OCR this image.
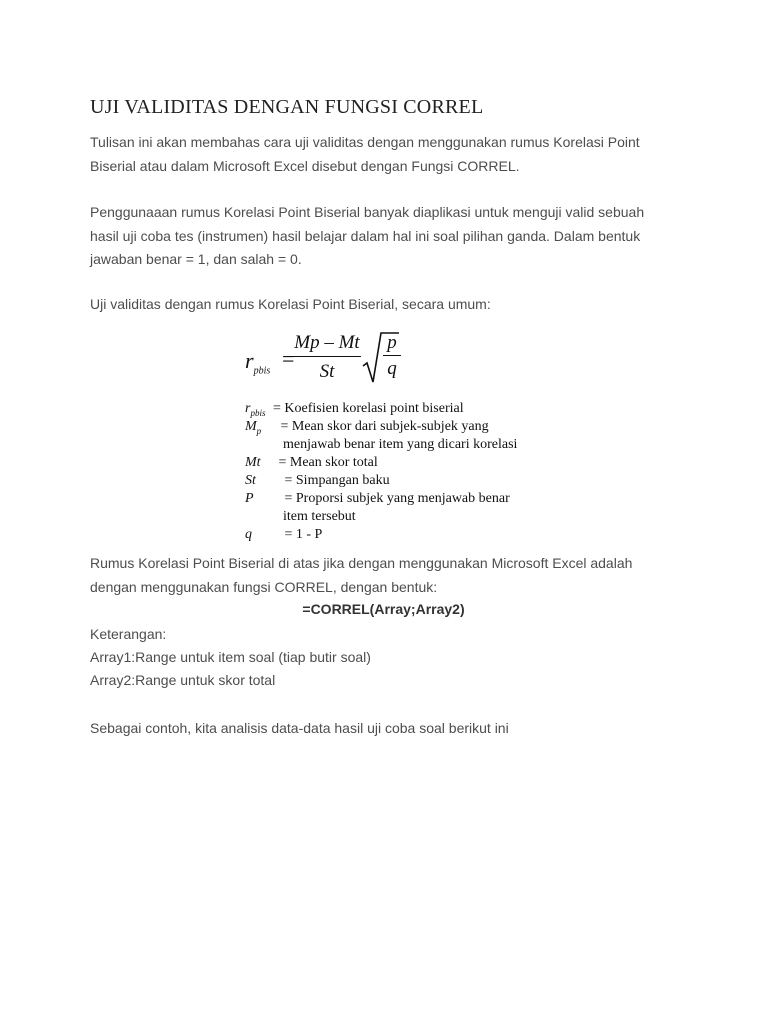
UJI VALIDITAS DENGAN FUNGSI CORREL

Tulisan ini akan membahas cara uji validitas dengan menggunakan rumus Korelasi Point
Biserial atau dalam Microsoft Excel disebut dengan Fungsi CORREL.

Penggunaaan rumus Korelasi Point Biserial banyak diaplikasi untuk menguji valid sebuah
hasil uji coba tes (instrumen) hasil belajar dalam hal ini soal pilihan ganda. Dalam bentuk
jawaban benar = 1, dan salah = 0.

Uji validitas dengan rumus Korelasi Point Biserial, secara umum:

$r_{pbis}$ =
$\frac{Mp - Mt}{St} \frac{p}{q}$
$r_{pbis}$ = Koefisien korelasi point biserial
$M_p$ = Mean skor dari subjek-subjek yang
menjawab benar item yang dicari korelasi
Mt = Mean skor total
St = Simpangan baku
P = Proporsi subjek yang menjawab benar
item tersebut
q = 1 - P

Rumus Korelasi Point Biserial di atas jika dengan menggunakan Microsoft Excel adalah
dengan menggunakan fungsi CORREL, dengan bentuk:

=CORREL(Array;Array2)
Keterangan:
Array1:Range untuk item soal (tiap butir soal)
Array2:Range untuk skor total

Sebagai contoh, kita analisis data-data hasil uji coba soal berikut ini
